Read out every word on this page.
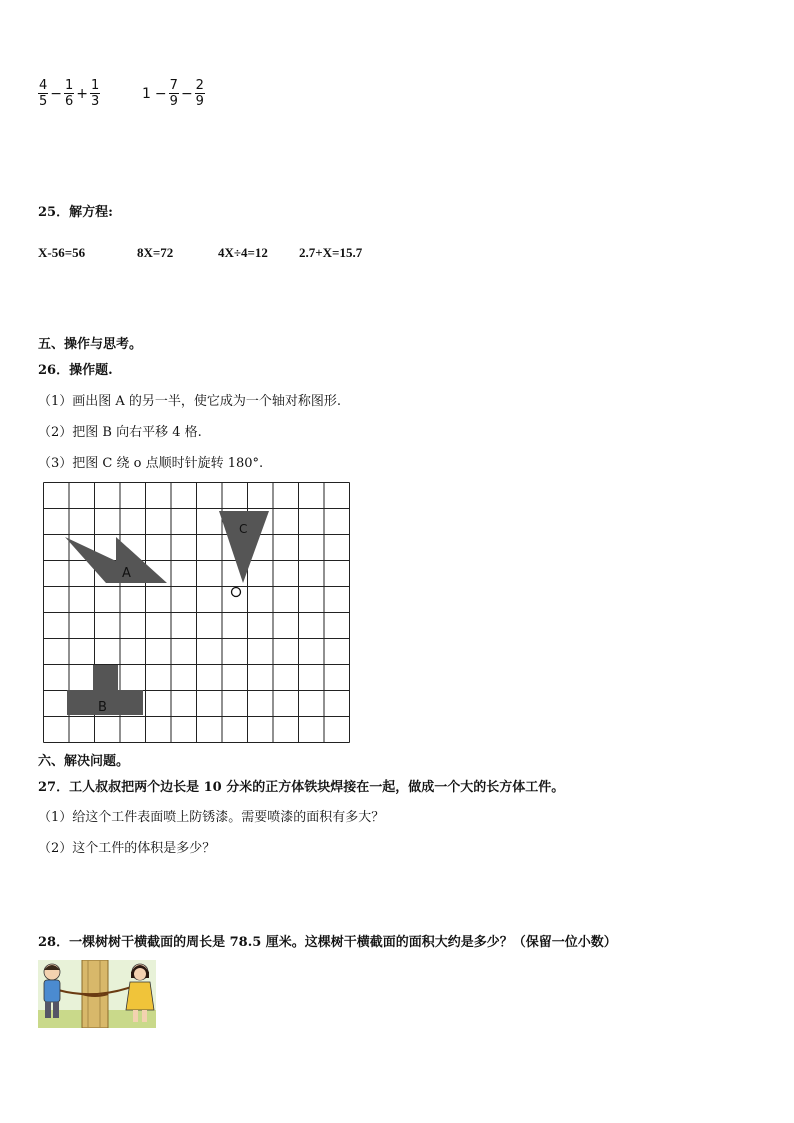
$\frac{4}{5} - \frac{1}{6} + \frac{1}{3}$	$1 - \frac{7}{9} - \frac{2}{9}$
25．解方程:
X-56=56	8X=72	4X÷4=12 2.7+X=15.7
五、操作与思考。
26．操作题.
（1）画出图 A 的另一半，使它成为一个轴对称图形.
（2）把图 B 向右平移 4 格.
（3）把图 C 绕 o 点顺时针旋转 180°.
A
C
B
六、解决问题。
27．工人叔叔把两个边长是 10 分米的正方体铁块焊接在一起，做成一个大的长方体工件。
（1）给这个工件表面喷上防锈漆。需要喷漆的面积有多大？
（2）这个工件的体积是多少？
28．一棵树树干横截面的周长是 78.5 厘米。这棵树干横截面的面积大约是多少？（保留一位小数）
